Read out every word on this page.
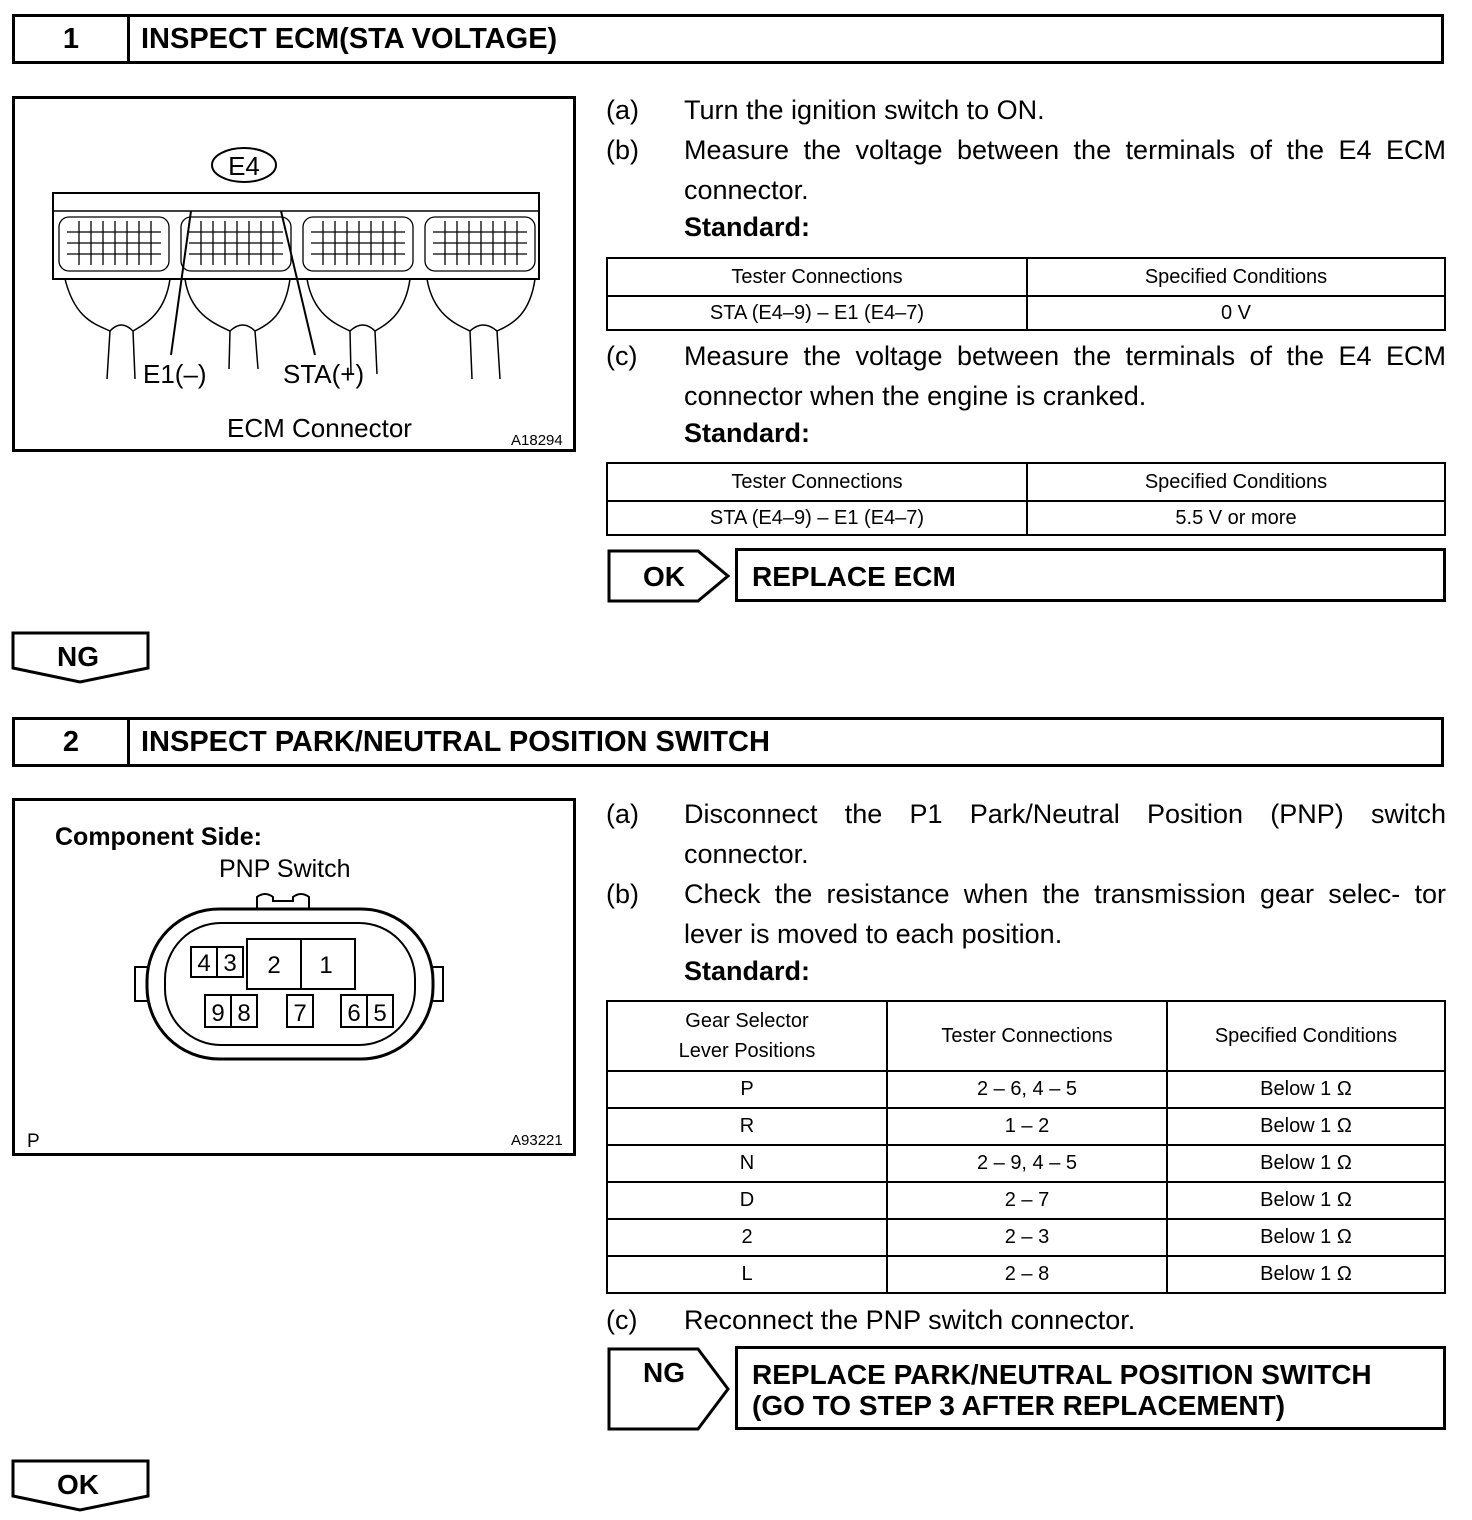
1	INSPECT ECM(STA VOLTAGE)
E4
E1(–)	STA(+)
ECM Connector	A18294
(a) Turn the ignition switch to ON.
(b) Measure the voltage between the terminals of the E4 ECM connector.
Standard:
Tester Connections	Specified Conditions
STA (E4–9) – E1 (E4–7)	0 V
(c) Measure the voltage between the terminals of the E4 ECM connector when the engine is cranked.
Standard:
Tester Connections	Specified Conditions
STA (E4–9) – E1 (E4–7)	5.5 V or more
OK REPLACE ECM
NG
2	INSPECT PARK/NEUTRAL POSITION SWITCH
Component Side:
PNP Switch
4 3 2 1
9 8 7 6 5
P	A93221
(a) Disconnect the P1 Park/Neutral Position (PNP) switch connector.
(b) Check the resistance when the transmission gear selec- tor lever is moved to each position.
Standard:
Gear Selector
Lever Positions	Tester Connections	Specified Conditions
P	2 – 6, 4 – 5	Below 1 Ω
R	1 – 2	Below 1 Ω
N	2 – 9, 4 – 5	Below 1 Ω
D	2 – 7	Below 1 Ω
2	2 – 3	Below 1 Ω
L	2 – 8	Below 1 Ω
(c) Reconnect the PNP switch connector.
NG REPLACE PARK/NEUTRAL POSITION SWITCH
(GO TO STEP 3 AFTER REPLACEMENT)
OK
